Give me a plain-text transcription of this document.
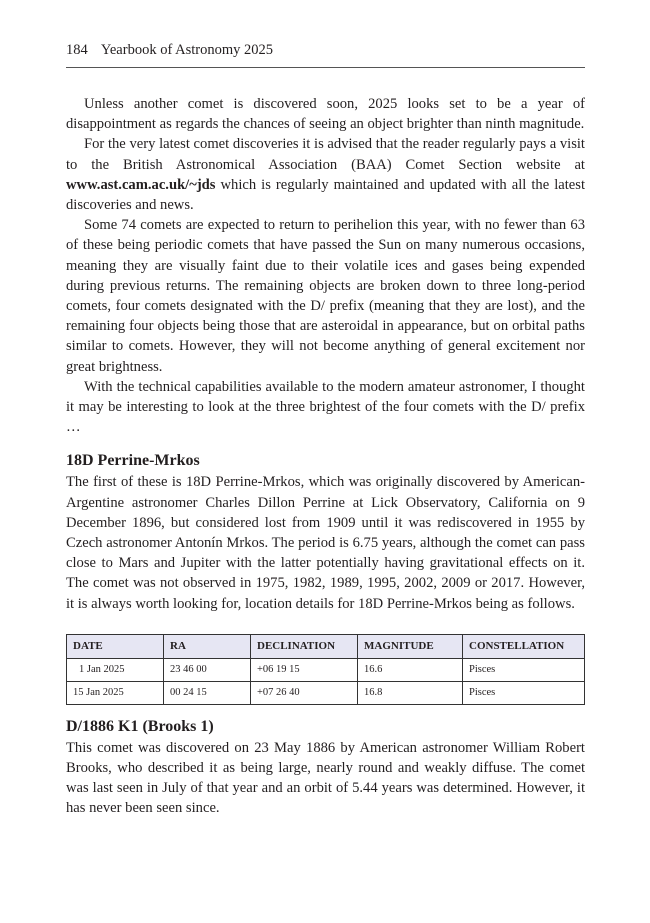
184 Yearbook of Astronomy 2025

Unless another comet is discovered soon, 2025 looks set to be a year of disappointment as regards the chances of seeing an object brighter than ninth magnitude.

For the very latest comet discoveries it is advised that the reader regularly pays a visit to the British Astronomical Association (BAA) Comet Section website at www.ast.cam.ac.uk/~jds which is regularly maintained and updated with all the latest discoveries and news.

Some 74 comets are expected to return to perihelion this year, with no fewer than 63 of these being periodic comets that have passed the Sun on many numerous occasions, meaning they are visually faint due to their volatile ices and gases being expended during previous returns. The remaining objects are broken down to three long-period comets, four comets designated with the D/ prefix (meaning that they are lost), and the remaining four objects being those that are asteroidal in appearance, but on orbital paths similar to comets. However, they will not become anything of general excitement nor great brightness.

With the technical capabilities available to the modern amateur astronomer, I thought it may be interesting to look at the three brightest of the four comets with the D/ prefix …

18D Perrine-Mrkos

The first of these is 18D Perrine-Mrkos, which was originally discovered by American-Argentine astronomer Charles Dillon Perrine at Lick Observatory, California on 9 December 1896, but considered lost from 1909 until it was rediscovered in 1955 by Czech astronomer Antonín Mrkos. The period is 6.75 years, although the comet can pass close to Mars and Jupiter with the latter potentially having gravitational effects on it. The comet was not observed in 1975, 1982, 1989, 1995, 2002, 2009 or 2017. However, it is always worth looking for, location details for 18D Perrine-Mrkos being as follows.

DATE	RA	DECLINATION	MAGNITUDE	CONSTELLATION
1 Jan 2025	23 46 00	+06 19 15	16.6	Pisces
15 Jan 2025	00 24 15	+07 26 40	16.8	Pisces
D/1886 K1 (Brooks 1)

This comet was discovered on 23 May 1886 by American astronomer William Robert Brooks, who described it as being large, nearly round and weakly diffuse. The comet was last seen in July of that year and an orbit of 5.44 years was determined. However, it has never been seen since.
